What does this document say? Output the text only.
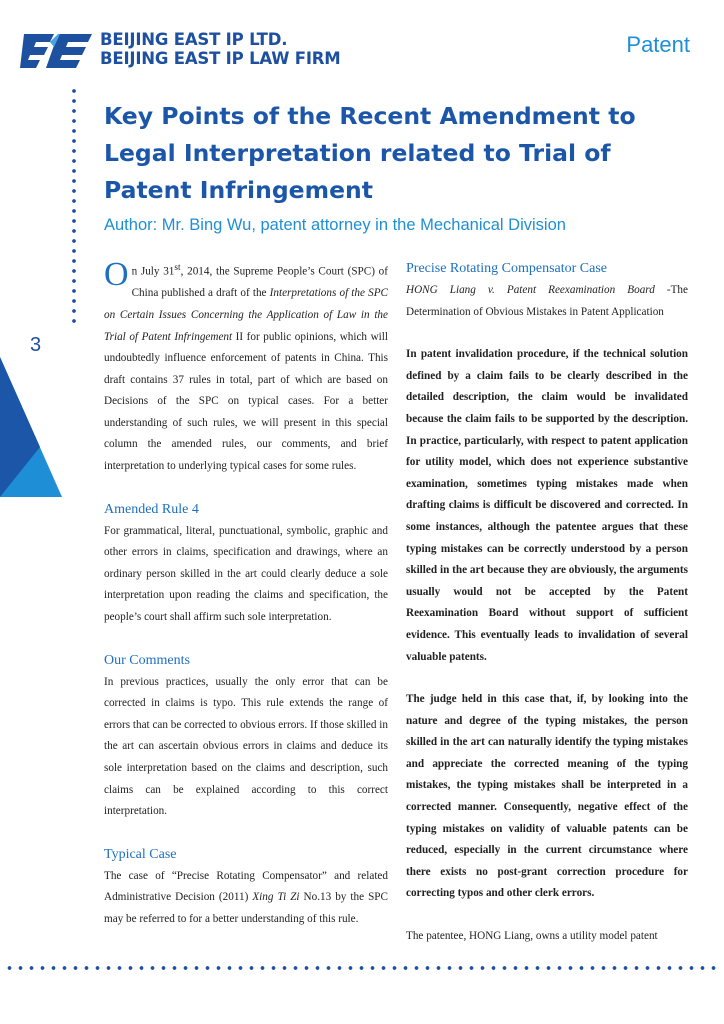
BEIJING EAST IP LTD.
BEIJING EAST IP LAW FIRM
Patent
3
Key Points of the Recent Amendment to Legal Interpretation related to Trial of Patent Infringement
Author: Mr. Bing Wu, patent attorney in the Mechanical Division

On July 31st, 2014, the Supreme People’s Court (SPC) of China published a draft of the Interpretations of the SPC on Certain Issues Concerning the Application of Law in the Trial of Patent Infringement II for public opinions, which will undoubtedly influence enforcement of patents in China. This draft contains 37 rules in total, part of which are based on Decisions of the SPC on typical cases. For a better understanding of such rules, we will present in this special column the amended rules, our comments, and brief interpretation to underlying typical cases for some rules.

Amended Rule 4

For grammatical, literal, punctuational, symbolic, graphic and other errors in claims, specification and drawings, where an ordinary person skilled in the art could clearly deduce a sole interpretation upon reading the claims and specification, the people’s court shall affirm such sole interpretation.

Our Comments

In previous practices, usually the only error that can be corrected in claims is typo. This rule extends the range of errors that can be corrected to obvious errors. If those skilled in the art can ascertain obvious errors in claims and deduce its sole interpretation based on the claims and description, such claims can be explained according to this correct interpretation.

Typical Case

The case of “Precise Rotating Compensator” and related Administrative Decision (2011) Xing Ti Zi No.13 by the SPC may be referred to for a better understanding of this rule.

Precise Rotating Compensator Case

HONG Liang v. Patent Reexamination Board -The Determination of Obvious Mistakes in Patent Application

In patent invalidation procedure, if the technical solution defined by a claim fails to be clearly described in the detailed description, the claim would be invalidated because the claim fails to be supported by the description. In practice, particularly, with respect to patent application for utility model, which does not experience substantive examination, sometimes typing mistakes made when drafting claims is difficult be discovered and corrected. In some instances, although the patentee argues that these typing mistakes can be correctly understood by a person skilled in the art because they are obviously, the arguments usually would not be accepted by the Patent Reexamination Board without support of sufficient evidence. This eventually leads to invalidation of several valuable patents.

The judge held in this case that, if, by looking into the nature and degree of the typing mistakes, the person skilled in the art can naturally identify the typing mistakes and appreciate the corrected meaning of the typing mistakes, the typing mistakes shall be interpreted in a corrected manner. Consequently, negative effect of the typing mistakes on validity of valuable patents can be reduced, especially in the current circumstance where there exists no post-grant correction procedure for correcting typos and other clerk errors.

The patentee, HONG Liang, owns a utility model patent
